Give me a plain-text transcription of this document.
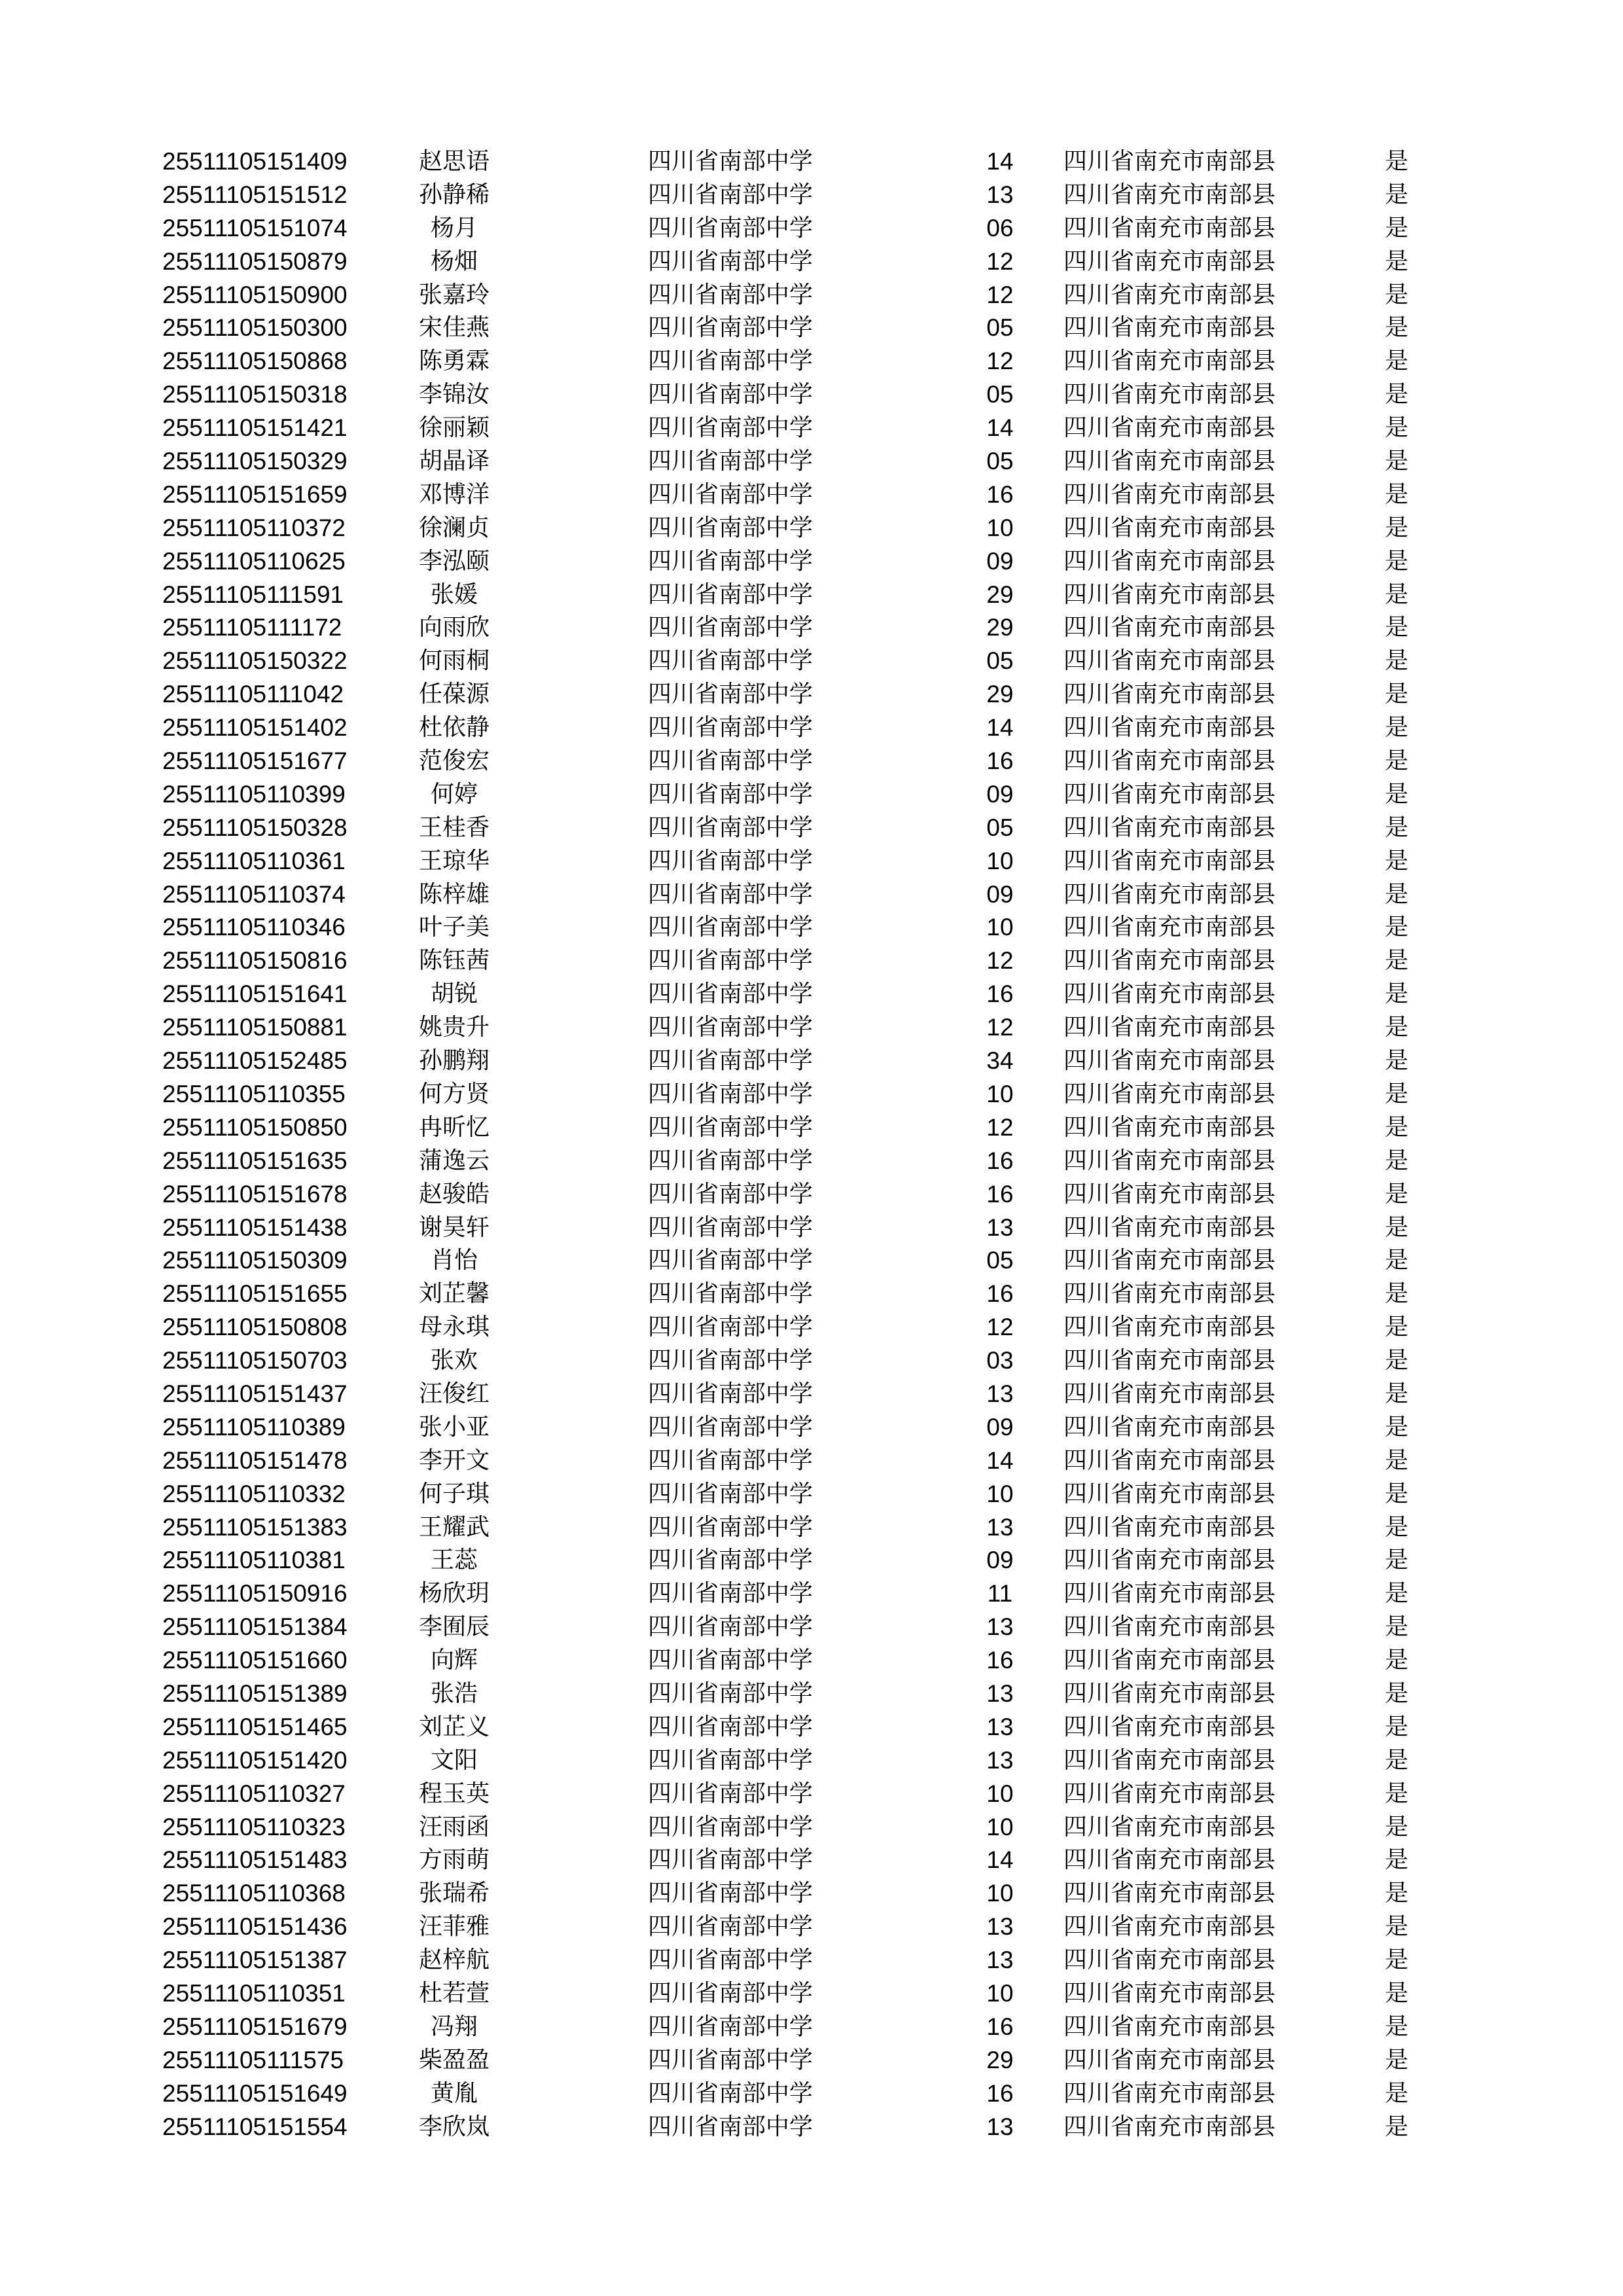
25511105151409	赵思语	四川省南部中学	14	四川省南充市南部县	是
25511105151512	孙静稀	四川省南部中学	13	四川省南充市南部县	是
25511105151074	杨月	四川省南部中学	06	四川省南充市南部县	是
25511105150879	杨畑	四川省南部中学	12	四川省南充市南部县	是
25511105150900	张嘉玲	四川省南部中学	12	四川省南充市南部县	是
25511105150300	宋佳燕	四川省南部中学	05	四川省南充市南部县	是
25511105150868	陈勇霖	四川省南部中学	12	四川省南充市南部县	是
25511105150318	李锦汝	四川省南部中学	05	四川省南充市南部县	是
25511105151421	徐丽颖	四川省南部中学	14	四川省南充市南部县	是
25511105150329	胡晶译	四川省南部中学	05	四川省南充市南部县	是
25511105151659	邓博洋	四川省南部中学	16	四川省南充市南部县	是
25511105110372	徐澜贞	四川省南部中学	10	四川省南充市南部县	是
25511105110625	李泓颐	四川省南部中学	09	四川省南充市南部县	是
25511105111591	张媛	四川省南部中学	29	四川省南充市南部县	是
25511105111172	向雨欣	四川省南部中学	29	四川省南充市南部县	是
25511105150322	何雨桐	四川省南部中学	05	四川省南充市南部县	是
25511105111042	任葆源	四川省南部中学	29	四川省南充市南部县	是
25511105151402	杜依静	四川省南部中学	14	四川省南充市南部县	是
25511105151677	范俊宏	四川省南部中学	16	四川省南充市南部县	是
25511105110399	何婷	四川省南部中学	09	四川省南充市南部县	是
25511105150328	王桂香	四川省南部中学	05	四川省南充市南部县	是
25511105110361	王琼华	四川省南部中学	10	四川省南充市南部县	是
25511105110374	陈梓雄	四川省南部中学	09	四川省南充市南部县	是
25511105110346	叶子美	四川省南部中学	10	四川省南充市南部县	是
25511105150816	陈钰茜	四川省南部中学	12	四川省南充市南部县	是
25511105151641	胡锐	四川省南部中学	16	四川省南充市南部县	是
25511105150881	姚贵升	四川省南部中学	12	四川省南充市南部县	是
25511105152485	孙鹏翔	四川省南部中学	34	四川省南充市南部县	是
25511105110355	何方贤	四川省南部中学	10	四川省南充市南部县	是
25511105150850	冉昕忆	四川省南部中学	12	四川省南充市南部县	是
25511105151635	蒲逸云	四川省南部中学	16	四川省南充市南部县	是
25511105151678	赵骏皓	四川省南部中学	16	四川省南充市南部县	是
25511105151438	谢昊轩	四川省南部中学	13	四川省南充市南部县	是
25511105150309	肖怡	四川省南部中学	05	四川省南充市南部县	是
25511105151655	刘芷馨	四川省南部中学	16	四川省南充市南部县	是
25511105150808	母永琪	四川省南部中学	12	四川省南充市南部县	是
25511105150703	张欢	四川省南部中学	03	四川省南充市南部县	是
25511105151437	汪俊红	四川省南部中学	13	四川省南充市南部县	是
25511105110389	张小亚	四川省南部中学	09	四川省南充市南部县	是
25511105151478	李开文	四川省南部中学	14	四川省南充市南部县	是
25511105110332	何子琪	四川省南部中学	10	四川省南充市南部县	是
25511105151383	王耀武	四川省南部中学	13	四川省南充市南部县	是
25511105110381	王蕊	四川省南部中学	09	四川省南充市南部县	是
25511105150916	杨欣玥	四川省南部中学	11	四川省南充市南部县	是
25511105151384	李囿辰	四川省南部中学	13	四川省南充市南部县	是
25511105151660	向辉	四川省南部中学	16	四川省南充市南部县	是
25511105151389	张浩	四川省南部中学	13	四川省南充市南部县	是
25511105151465	刘芷义	四川省南部中学	13	四川省南充市南部县	是
25511105151420	文阳	四川省南部中学	13	四川省南充市南部县	是
25511105110327	程玉英	四川省南部中学	10	四川省南充市南部县	是
25511105110323	汪雨函	四川省南部中学	10	四川省南充市南部县	是
25511105151483	方雨萌	四川省南部中学	14	四川省南充市南部县	是
25511105110368	张瑞希	四川省南部中学	10	四川省南充市南部县	是
25511105151436	汪菲雅	四川省南部中学	13	四川省南充市南部县	是
25511105151387	赵梓航	四川省南部中学	13	四川省南充市南部县	是
25511105110351	杜若萱	四川省南部中学	10	四川省南充市南部县	是
25511105151679	冯翔	四川省南部中学	16	四川省南充市南部县	是
25511105111575	柴盈盈	四川省南部中学	29	四川省南充市南部县	是
25511105151649	黄胤	四川省南部中学	16	四川省南充市南部县	是
25511105151554	李欣岚	四川省南部中学	13	四川省南充市南部县	是
